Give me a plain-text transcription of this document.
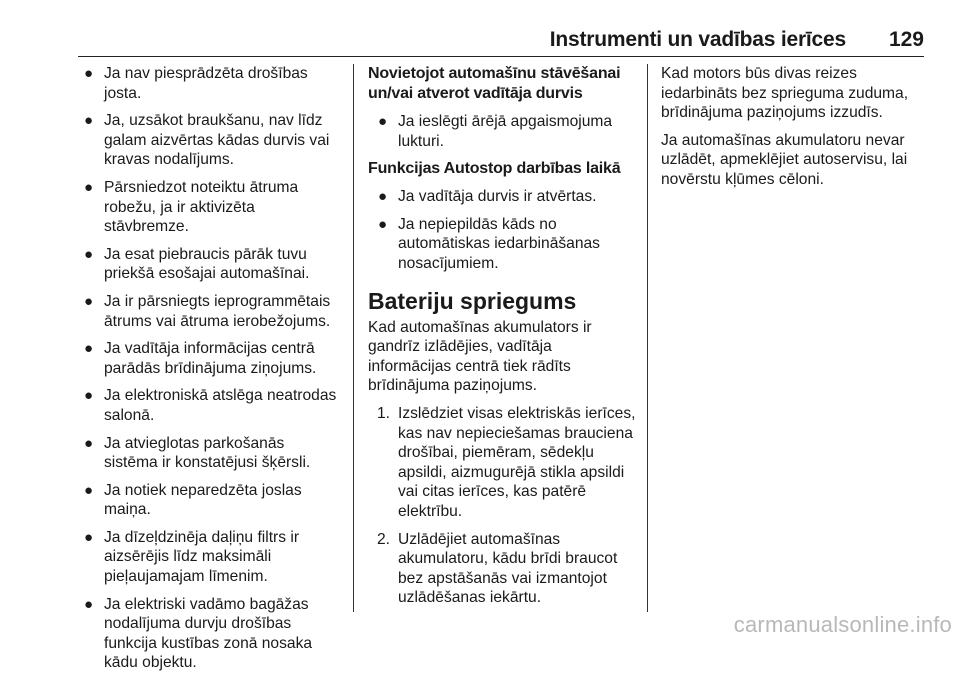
Instrumenti un vadības ierīces 129
● Ja nav piesprādzēta drošības josta.
● Ja, uzsākot braukšanu, nav līdz galam aizvērtas kādas durvis vai kravas nodalījums.
● Pārsniedzot noteiktu ātruma robežu, ja ir aktivizēta stāvbremze.
● Ja esat piebraucis pārāk tuvu priekšā esošajai automašīnai.
● Ja ir pārsniegts ieprogrammētais ātrums vai ātruma ierobežojums.
● Ja vadītāja informācijas centrā parādās brīdinājuma ziņojums.
● Ja elektroniskā atslēga neatrodas salonā.
● Ja atvieglotas parkošanās sistēma ir konstatējusi šķērsli.
● Ja notiek neparedzēta joslas maiņa.
● Ja dīzeļdzinēja daļiņu filtrs ir aizsērējis līdz maksimāli pieļaujamajam līmenim.
● Ja elektriski vadāmo bagāžas nodalījuma durvju drošības funkcija kustības zonā nosaka kādu objektu.
Novietojot automašīnu stāvēšanai un/vai atverot vadītāja durvis
● Ja ieslēgti ārējā apgaismojuma lukturi.
Funkcijas Autostop darbības laikā
● Ja vadītāja durvis ir atvērtas.
● Ja nepiepildās kāds no automātiskas iedarbināšanas nosacījumiem.
Bateriju spriegums

Kad automašīnas akumulators ir gandrīz izlādējies, vadītāja informācijas centrā tiek rādīts brīdinājuma paziņojums.

1. Izslēdziet visas elektriskās ierīces, kas nav nepieciešamas brauciena drošībai, piemēram, sēdekļu apsildi, aizmugurējā stikla apsildi vai citas ierīces, kas patērē elektrību.
2. Uzlādējiet automašīnas akumulatoru, kādu brīdi braucot bez apstāšanās vai izmantojot uzlādēšanas iekārtu.

Kad motors būs divas reizes iedarbināts bez sprieguma zuduma, brīdinājuma paziņojums izzudīs.

Ja automašīnas akumulatoru nevar uzlādēt, apmeklējiet autoservisu, lai novērstu kļūmes cēloni.

carmanualsonline.info
